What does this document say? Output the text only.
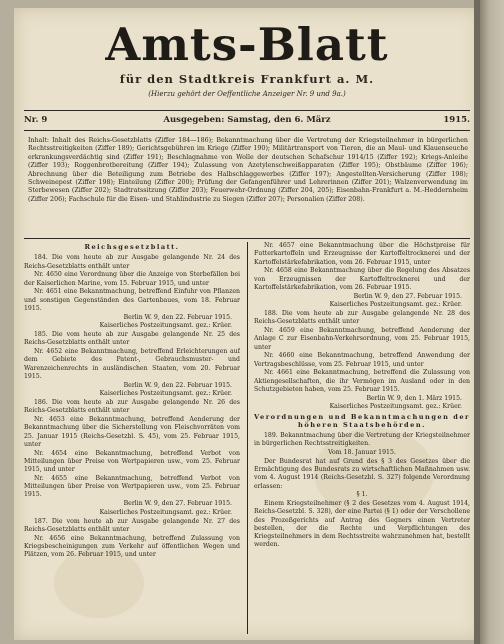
Amts-Blatt
für den Stadtkreis Frankfurt a. M.
(Hierzu gehört der Oeffentliche Anzeiger Nr. 9 und 9a.)
Nr. 9	Ausgegeben: Samstag, den 6. März	1915.
Inhalt: Inhalt des Reichs-Gesetzblatts (Ziffer 184—186); Bekanntmachung über die Vertretung der Kriegsteilnehmer in bürgerlichen Rechtsstreitigkeiten (Ziffer 189); Gerichtsgebühren im Kriege (Ziffer 190); Militärtransport von Tieren, die an Maul- und Klauenseuche erkrankungsverdächtig sind (Ziffer 191); Beschlagnahme von Wolle der deutschen Schafschur 1914/15 (Ziffer 192); Kriegs-Anleihe (Ziffer 193); Roggenbrotbereitung (Ziffer 194); Zulassung von Azetylenschweißapparaten (Ziffer 195); Obstbäume (Ziffer 196); Abrechnung über die Beteiligung zum Betriebe des Halbschlaggewerbes (Ziffer 197); Angestellten-Versicherung (Ziffer 198); Schweinepest (Ziffer 198); Einteilung (Ziffer 200); Prüfung der Gefangenführer und Lehrerinnen (Ziffer 201); Walzenverwendung im Sterbewesen (Ziffer 202); Stadtratssitzung (Ziffer 203); Feuerwehr-Ordnung (Ziffer 204, 205); Eisenbahn-Frankfurt a. M.-Heddernheim (Ziffer 206); Fachschule für die Eisen- und Stahlindustrie zu Siegen (Ziffer 207); Personalien (Ziffer 208).

Reichsgesetzblatt.

184. Die vom heute ab zur Ausgabe gelangende Nr. 24 des Reichs-Gesetzblatts enthält unter

Nr. 4650 eine Verordnung über die Anzeige von Sterbefällen bei der Kaiserlichen Marine, vom 15. Februar 1915, und unter

Nr. 4651 eine Bekanntmachung, betreffend Einfuhr von Pflanzen und sonstigen Gegenständen des Gartenbaues, vom 18. Februar 1915.

Berlin W. 9, den 22. Februar 1915.

Kaiserliches Postzeitungsamt. gez.: Krüer.

185. Die vom heute ab zur Ausgabe gelangende Nr. 25 des Reichs-Gesetzblatts enthält unter

Nr. 4652 eine Bekanntmachung, betreffend Erleichterungen auf dem Gebiete des Patent-, Gebrauchsmuster- und Warenzeichenrechts in ausländischen Staaten, vom 20. Februar 1915.

Berlin W. 9, den 22. Februar 1915.

Kaiserliches Postzeitungsamt. gez.: Krüer.

186. Die vom heute ab zur Ausgabe gelangende Nr. 26 des Reichs-Gesetzblatts enthält unter

Nr. 4653 eine Bekanntmachung, betreffend Aenderung der Bekanntmachung über die Sicherstellung von Fleischvorräten vom 25. Januar 1915 (Reichs-Gesetzbl. S. 45), vom 25. Februar 1915, unter

Nr. 4654 eine Bekanntmachung, betreffend Verbot von Mitteilungen über Preise von Wertpapieren usw., vom 25. Februar 1915, und unter

Nr. 4655 eine Bekanntmachung, betreffend Verbot von Mitteilungen über Preise von Wertpapieren usw., vom 25. Februar 1915.

Berlin W. 9, den 27. Februar 1915.

Kaiserliches Postzeitungsamt. gez.: Krüer.

187. Die vom heute ab zur Ausgabe gelangende Nr. 27 des Reichs-Gesetzblatts enthält unter

Nr. 4656 eine Bekanntmachung, betreffend Zulassung von Kriegsbescheinigungen zum Verkehr auf öffentlichen Wegen und Plätzen, vom 26. Februar 1915, und unter

Nr. 4657 eine Bekanntmachung über die Höchstpreise für Futterkartoffeln und Erzeugnisse der Kartoffeltrocknerei und der Kartoffelstärkefabrikation, vom 26. Februar 1915, unter

Nr. 4658 eine Bekanntmachung über die Regelung des Absatzes von Erzeugnissen der Kartoffeltrocknerei und der Kartoffelstärkefabrikation, vom 26. Februar 1915.

Berlin W. 9, den 27. Februar 1915.

Kaiserliches Postzeitungsamt. gez.: Krüer.

188. Die vom heute ab zur Ausgabe gelangende Nr. 28 des Reichs-Gesetzblatts enthält unter

Nr. 4659 eine Bekanntmachung, betreffend Aenderung der Anlage C zur Eisenbahn-Verkehrsordnung, vom 25. Februar 1915, unter

Nr. 4660 eine Bekanntmachung, betreffend Anwendung der Vertragsbeschlüsse, vom 25. Februar 1915, und unter

Nr. 4661 eine Bekanntmachung, betreffend die Zulassung von Aktiengesellschaften, die ihr Vermögen im Ausland oder in den Schutzgebieten haben, vom 25. Februar 1915.

Berlin W. 9, den 1. März 1915.

Kaiserliches Postzeitungsamt. gez.: Krüer.

Verordnungen und Bekanntmachungen der höheren Staatsbehörden.

189. Bekanntmachung über die Vertretung der Kriegsteilnehmer in bürgerlichen Rechtsstreitigkeiten.

Vom 18. Januar 1915.

Der Bundesrat hat auf Grund des § 3 des Gesetzes über die Ermächtigung des Bundesrats zu wirtschaftlichen Maßnahmen usw. vom 4. August 1914 (Reichs-Gesetzbl. S. 327) folgende Verordnung erlassen:

§ 1.

Einem Kriegsteilnehmer (§ 2 des Gesetzes vom 4. August 1914, Reichs-Gesetzbl. S. 328), der eine Partei (§ 1) oder der Verschollene des Prozeßgerichts auf Antrag des Gegners einen Vertreter bestellen, der die Rechte und Verpflichtungen des Kriegsteilnehmers in dem Rechtsstreite wahrzunehmen hat, bestellt werden.
